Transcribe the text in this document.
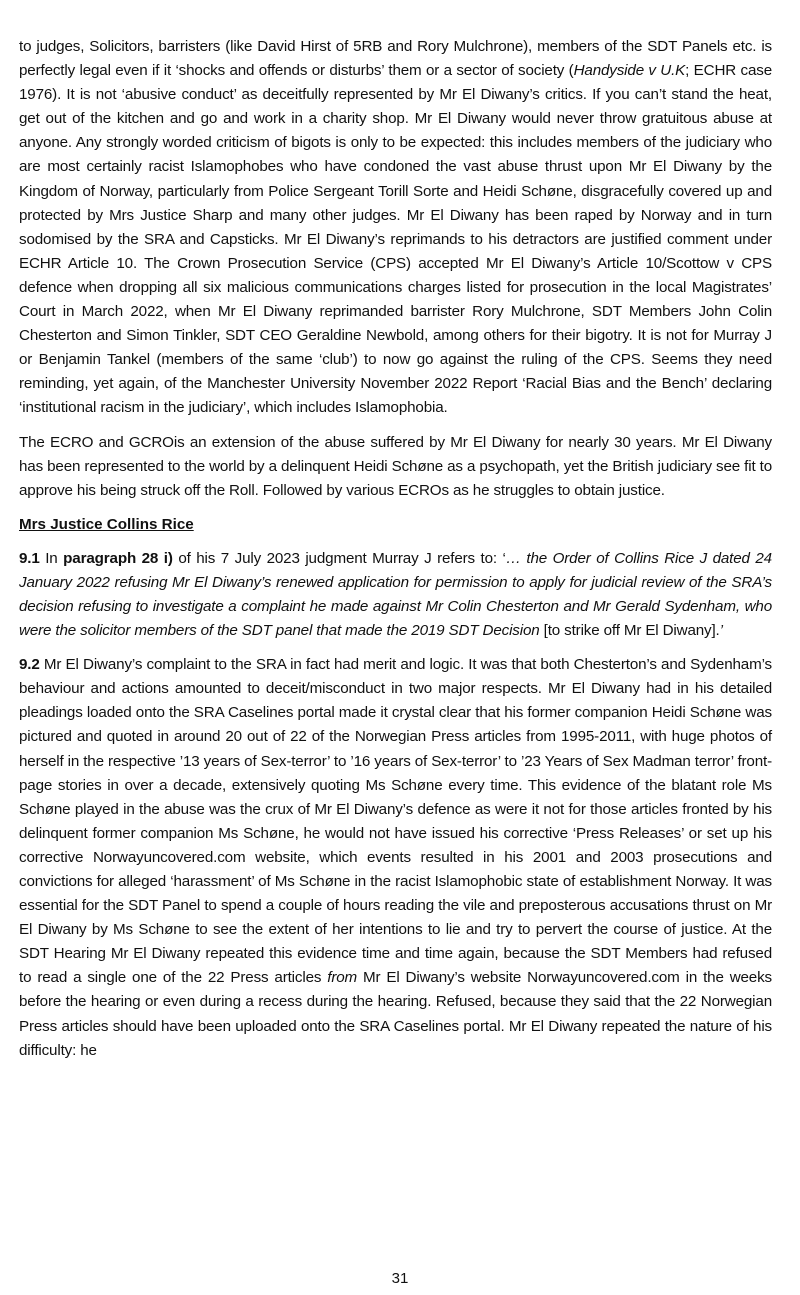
to judges, Solicitors, barristers (like David Hirst of 5RB and Rory Mulchrone), members of the SDT Panels etc. is perfectly legal even if it ‘shocks and offends or disturbs’ them or a sector of society (Handyside v U.K; ECHR case 1976). It is not ‘abusive conduct’ as deceitfully represented by Mr El Diwany’s critics. If you can’t stand the heat, get out of the kitchen and go and work in a charity shop. Mr El Diwany would never throw gratuitous abuse at anyone. Any strongly worded criticism of bigots is only to be expected: this includes members of the judiciary who are most certainly racist Islamophobes who have condoned the vast abuse thrust upon Mr El Diwany by the Kingdom of Norway, particularly from Police Sergeant Torill Sorte and Heidi Schøne, disgracefully covered up and protected by Mrs Justice Sharp and many other judges. Mr El Diwany has been raped by Norway and in turn sodomised by the SRA and Capsticks. Mr El Diwany’s reprimands to his detractors are justified comment under ECHR Article 10. The Crown Prosecution Service (CPS) accepted Mr El Diwany’s Article 10/Scottow v CPS defence when dropping all six malicious communications charges listed for prosecution in the local Magistrates’ Court in March 2022, when Mr El Diwany reprimanded barrister Rory Mulchrone, SDT Members John Colin Chesterton and Simon Tinkler, SDT CEO Geraldine Newbold, among others for their bigotry. It is not for Murray J or Benjamin Tankel (members of the same ‘club’) to now go against the ruling of the CPS. Seems they need reminding, yet again, of the Manchester University November 2022 Report ‘Racial Bias and the Bench’ declaring ‘institutional racism in the judiciary’, which includes Islamophobia.

The ECRO and GCROis an extension of the abuse suffered by Mr El Diwany for nearly 30 years. Mr El Diwany has been represented to the world by a delinquent Heidi Schøne as a psychopath, yet the British judiciary see fit to approve his being struck off the Roll. Followed by various ECROs as he struggles to obtain justice.

Mrs Justice Collins Rice

9.1 In paragraph 28 i) of his 7 July 2023 judgment Murray J refers to: ‘… the Order of Collins Rice J dated 24 January 2022 refusing Mr El Diwany’s renewed application for permission to apply for judicial review of the SRA’s decision refusing to investigate a complaint he made against Mr Colin Chesterton and Mr Gerald Sydenham, who were the solicitor members of the SDT panel that made the 2019 SDT Decision [to strike off Mr El Diwany].’

9.2 Mr El Diwany’s complaint to the SRA in fact had merit and logic. It was that both Chesterton’s and Sydenham’s behaviour and actions amounted to deceit/misconduct in two major respects. Mr El Diwany had in his detailed pleadings loaded onto the SRA Caselines portal made it crystal clear that his former companion Heidi Schøne was pictured and quoted in around 20 out of 22 of the Norwegian Press articles from 1995-2011, with huge photos of herself in the respective ’13 years of Sex-terror’ to ’16 years of Sex-terror’ to ’23 Years of Sex Madman terror’ front-page stories in over a decade, extensively quoting Ms Schøne every time. This evidence of the blatant role Ms Schøne played in the abuse was the crux of Mr El Diwany’s defence as were it not for those articles fronted by his delinquent former companion Ms Schøne, he would not have issued his corrective ‘Press Releases’ or set up his corrective Norwayuncovered.com website, which events resulted in his 2001 and 2003 prosecutions and convictions for alleged ‘harassment’ of Ms Schøne in the racist Islamophobic state of establishment Norway. It was essential for the SDT Panel to spend a couple of hours reading the vile and preposterous accusations thrust on Mr El Diwany by Ms Schøne to see the extent of her intentions to lie and try to pervert the course of justice. At the SDT Hearing Mr El Diwany repeated this evidence time and time again, because the SDT Members had refused to read a single one of the 22 Press articles from Mr El Diwany’s website Norwayuncovered.com in the weeks before the hearing or even during a recess during the hearing. Refused, because they said that the 22 Norwegian Press articles should have been uploaded onto the SRA Caselines portal. Mr El Diwany repeated the nature of his difficulty: he

31
